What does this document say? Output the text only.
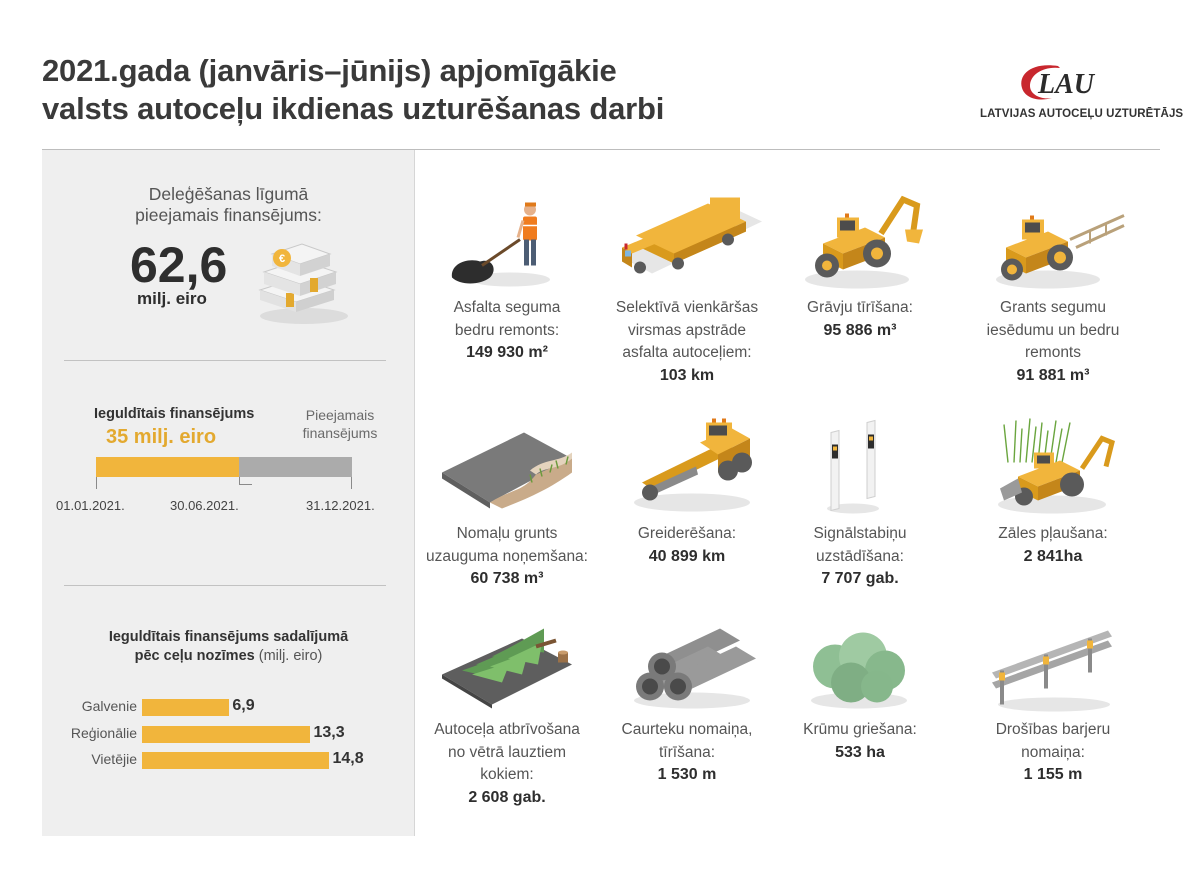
2021.gada (janvāris–jūnijs) apjomīgākie
valsts autoceļu ikdienas uzturēšanas darbi
LAU
LATVIJAS AUTOCEĻU UZTURĒTĀJS
Deleģēšanas līgumā
pieejamais finansējums:
62,6
milj. eiro
€
Ieguldītais finansējums
35 milj. eiro
Pieejamais
finansējums
01.01.2021.	30.06.2021.	31.12.2021.
Ieguldītais finansējums sadalījumā
pēc ceļu nozīmes (milj. eiro)
Galvenie	6,9
Reģionālie	13,3
Vietējie	14,8
Asfalta seguma
bedru remonts:
149 930 m²
Selektīvā vienkāršas
virsmas apstrāde
asfalta autoceļiem:
103 km
Grāvju tīrīšana:
95 886 m³
Grants segumu
iesēdumu un bedru
remonts
91 881 m³
Nomaļu grunts
uzauguma noņemšana:
60 738 m³
Greiderēšana:
40 899 km
Signālstabiņu
uzstādīšana:
7 707 gab.
Zāles pļaušana:
2 841ha
Autoceļa atbrīvošana
no vētrā lauztiem
kokiem:
2 608 gab.
Caurteku nomaiņa,
tīrīšana:
1 530 m
Krūmu griešana:
533 ha
Drošības barjeru
nomaiņa:
1 155 m
